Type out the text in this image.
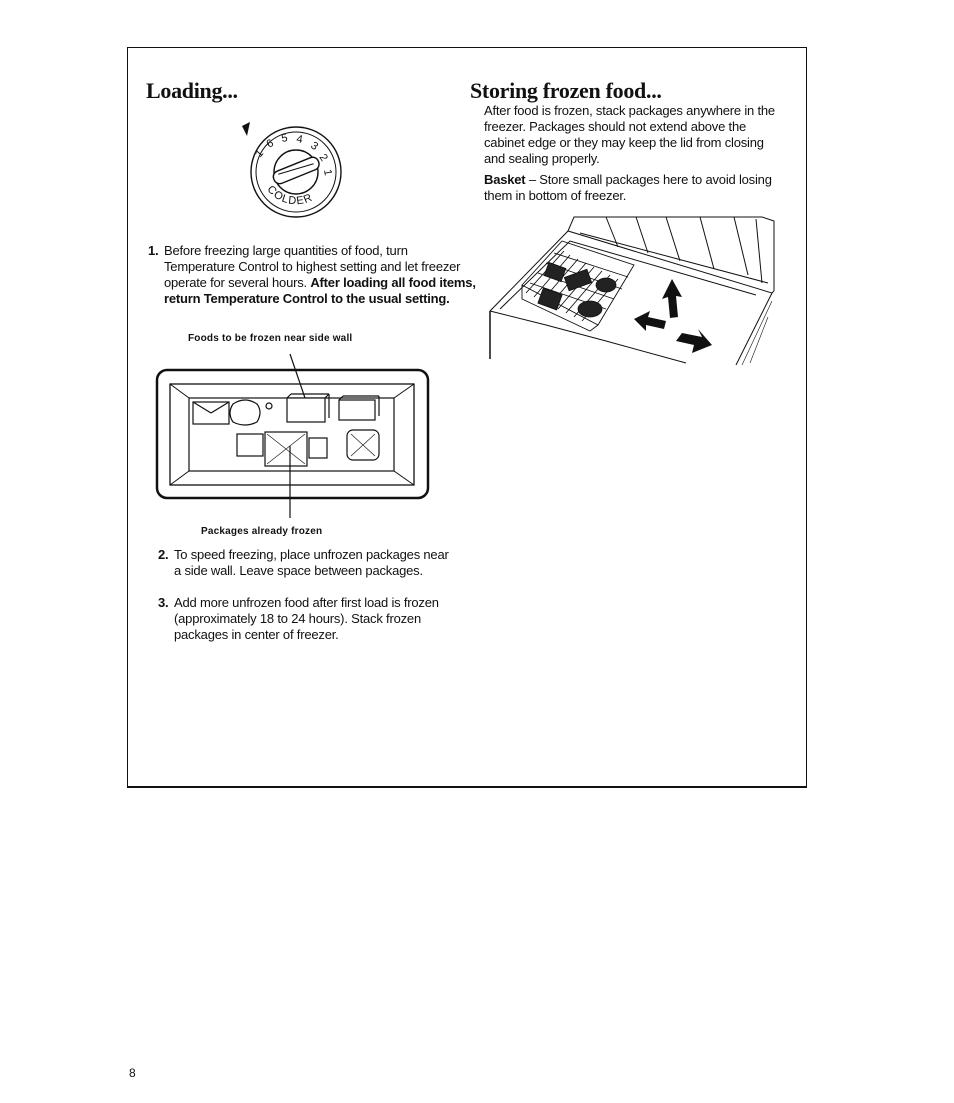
Loading...
1
6 5 4
3
2
1
COLDER
1. Before freezing large quantities of food, turn Temperature Control to highest setting and let freezer operate for several hours. After loading all food items, return Temperature Control to the usual setting.

Foods to be frozen near side wall

Packages already frozen

2. To speed freezing, place unfrozen packages near a side wall. Leave space between packages.
3. Add more unfrozen food after first load is frozen (approximately 18 to 24 hours). Stack frozen packages in center of freezer.
Storing frozen food...

After food is frozen, stack packages anywhere in the freezer. Packages should not extend above the cabinet edge or they may keep the lid from closing and sealing properly.

Basket – Store small packages here to avoid losing them in bottom of freezer.

8
